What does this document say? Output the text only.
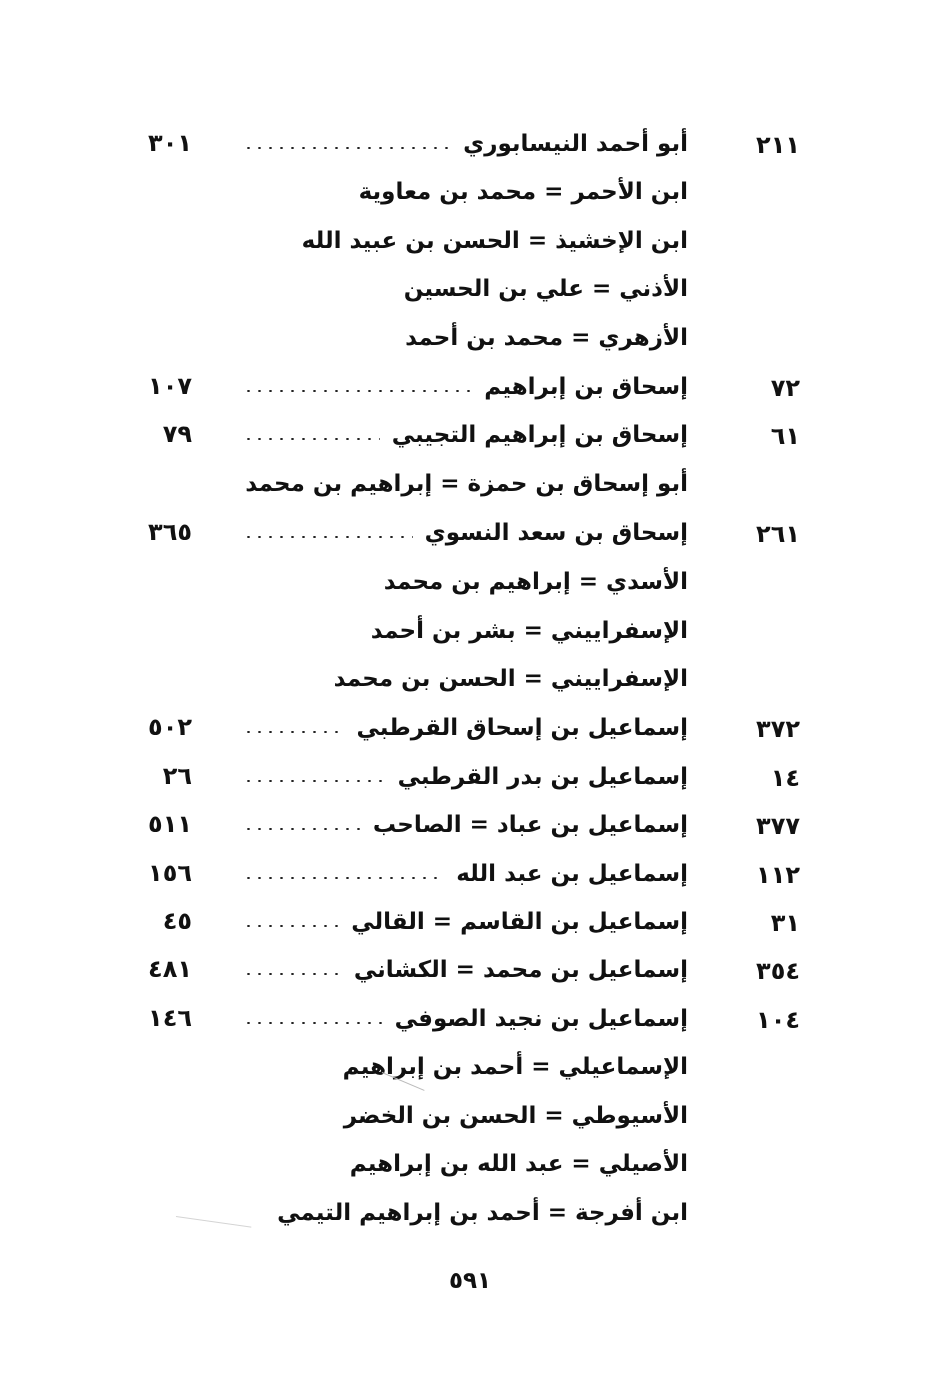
٢١١
أبو أحمد النيسابوري
٣٠١
ابن الأحمر = محمد بن معاوية
ابن الإخشيذ = الحسن بن عبيد الله
الأذني = علي بن الحسين
الأزهري = محمد بن أحمد
٧٢
إسحاق بن إبراهيم
١٠٧
٦١
إسحاق بن إبراهيم التجيبي
٧٩
أبو إسحاق بن حمزة = إبراهيم بن محمد
٢٦١
إسحاق بن سعد النسوي
٣٦٥
الأسدي = إبراهيم بن محمد
الإسفراييني = بشر بن أحمد
الإسفراييني = الحسن بن محمد
٣٧٢
إسماعيل بن إسحاق القرطبي
٥٠٢
١٤
إسماعيل بن بدر القرطبي
٢٦
٣٧٧
إسماعيل بن عباد = الصاحب
٥١١
١١٢
إسماعيل بن عبد الله
١٥٦
٣١
إسماعيل بن القاسم = القالي
٤٥
٣٥٤
إسماعيل بن محمد = الكشاني
٤٨١
١٠٤
إسماعيل بن نجيد الصوفي
١٤٦
الإسماعيلي = أحمد بن إبراهيم
الأسيوطي = الحسن بن الخضر
الأصيلي = عبد الله بن إبراهيم
ابن أفرجة = أحمد بن إبراهيم التيمي
٥٩١
